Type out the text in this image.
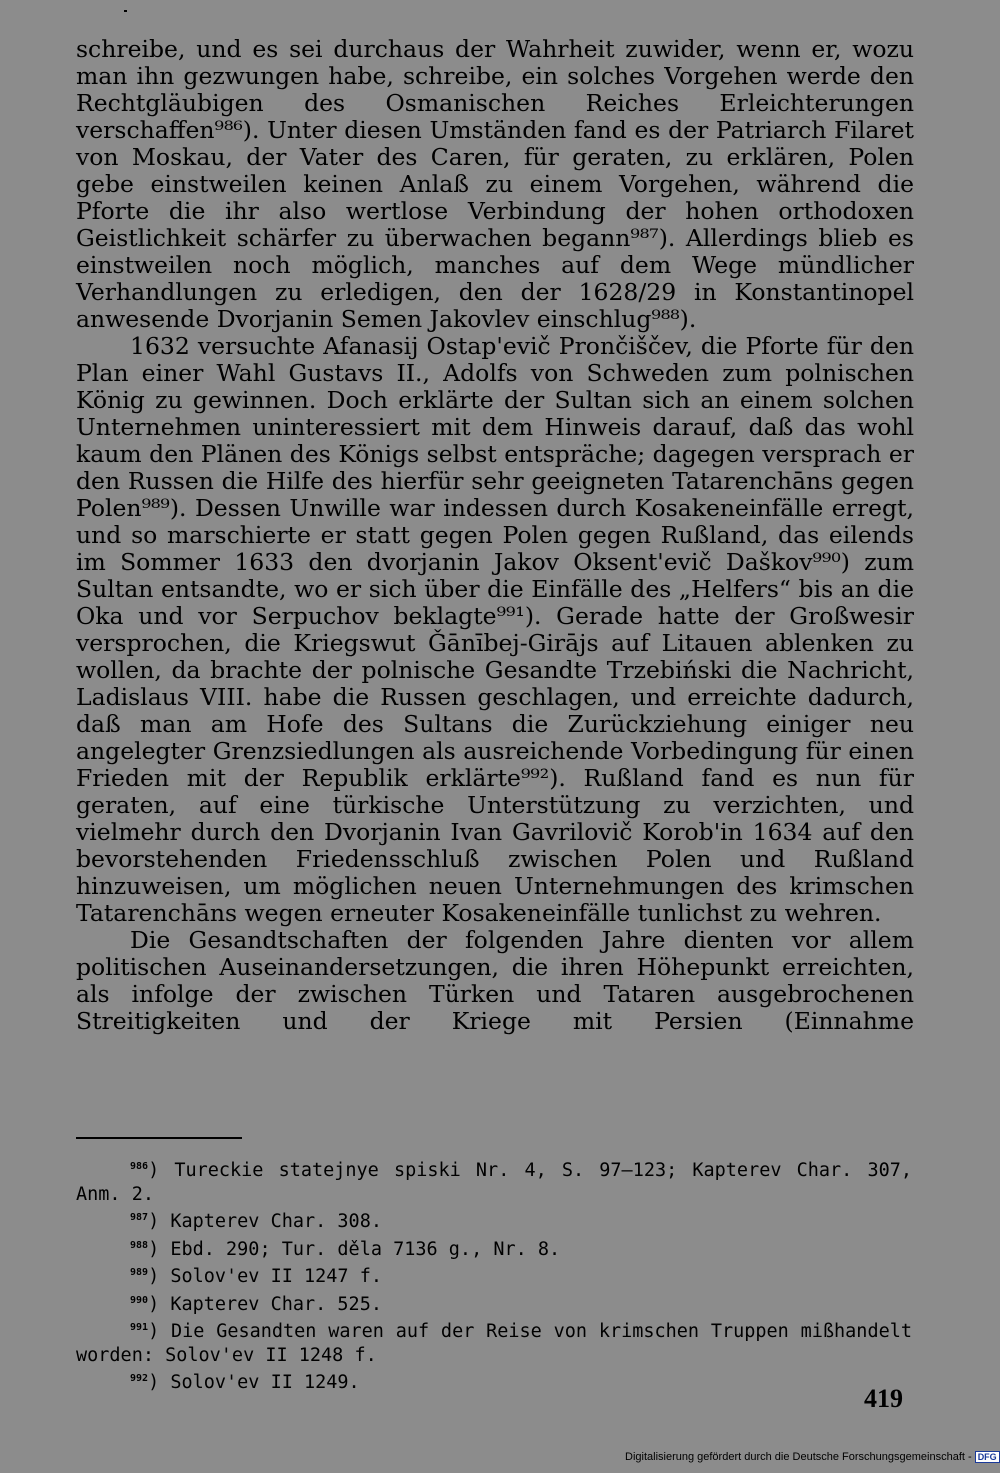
schreibe, und es sei durchaus der Wahrheit zuwider, wenn er, wozu man ihn gezwungen habe, schreibe, ein solches Vorgehen werde den Rechtgläubigen des Osmanischen Reiches Erleichterungen verschaffen⁹⁸⁶). Unter diesen Umständen fand es der Patriarch Filaret von Moskau, der Vater des Caren, für geraten, zu erklären, Polen gebe einstweilen keinen Anlaß zu einem Vorgehen, während die Pforte die ihr also wertlose Verbindung der hohen orthodoxen Geistlichkeit schärfer zu überwachen begann⁹⁸⁷). Allerdings blieb es einstweilen noch möglich, manches auf dem Wege mündlicher Verhandlungen zu erledigen, den der 1628/29 in Konstantinopel anwesende Dvorjanin Semen Jakovlev einschlug⁹⁸⁸).

1632 versuchte Afanasij Ostap'evič Prončiščev, die Pforte für den Plan einer Wahl Gustavs II., Adolfs von Schweden zum polnischen König zu gewinnen. Doch erklärte der Sultan sich an einem solchen Unternehmen uninteressiert mit dem Hinweis darauf, daß das wohl kaum den Plänen des Königs selbst entspräche; dagegen versprach er den Russen die Hilfe des hierfür sehr geeigneten Tatarenchāns gegen Polen⁹⁸⁹). Dessen Unwille war indessen durch Kosakeneinfälle erregt, und so marschierte er statt gegen Polen gegen Rußland, das eilends im Sommer 1633 den dvorjanin Jakov Oksent'evič Daškov⁹⁹⁰) zum Sultan entsandte, wo er sich über die Einfälle des „Helfers“ bis an die Oka und vor Serpuchov beklagte⁹⁹¹). Gerade hatte der Großwesir versprochen, die Kriegswut Ǧānībej-Girājs auf Litauen ablenken zu wollen, da brachte der polnische Gesandte Trzebiński die Nachricht, Ladislaus VIII. habe die Russen geschlagen, und erreichte dadurch, daß man am Hofe des Sultans die Zurückziehung einiger neu angelegter Grenzsiedlungen als ausreichende Vorbedingung für einen Frieden mit der Republik erklärte⁹⁹²). Rußland fand es nun für geraten, auf eine türkische Unterstützung zu verzichten, und vielmehr durch den Dvorjanin Ivan Gavrilovič Korob'in 1634 auf den bevorstehenden Friedensschluß zwischen Polen und Rußland hinzuweisen, um möglichen neuen Unternehmungen des krimschen Tatarenchāns wegen erneuter Kosakeneinfälle tunlichst zu wehren.

Die Gesandtschaften der folgenden Jahre dienten vor allem politischen Auseinandersetzungen, die ihren Höhepunkt erreichten, als infolge der zwischen Türken und Tataren ausgebrochenen Streitigkeiten und der Kriege mit Persien (Einnahme

$^{986}$) Tureckie statejnye spiski Nr. 4, S. 97—123; Kapterev Char. 307, Anm. 2.

$^{987}$) Kapterev Char. 308.

$^{988}$) Ebd. 290; Tur. děla 7136 g., Nr. 8.

$^{989}$) Solov'ev II 1247 f.

$^{990}$) Kapterev Char. 525.

$^{991}$) Die Gesandten waren auf der Reise von krimschen Truppen mißhandelt worden: Solov'ev II 1248 f.

$^{992}$) Solov'ev II 1249.

419
Digitalisierung gefördert durch die Deutsche Forschungsgemeinschaft - DFG
